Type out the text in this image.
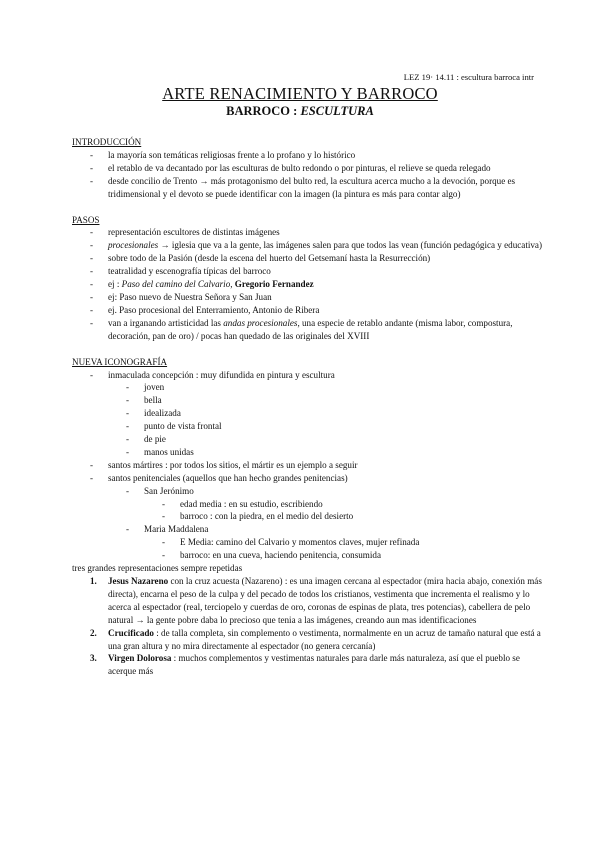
LEZ 19· 14.11 : escultura barroca intr
ARTE RENACIMIENTO Y BARROCO
BARROCO : ESCULTURA

INTRODUCCIÓN

- la mayoría son temáticas religiosas frente a lo profano y lo histórico
- el retablo de va decantado por las esculturas de bulto redondo o por pinturas, el relieve se queda relegado
- desde concilio de Trento → más protagonismo del bulto red, la escultura acerca mucho a la devoción, porque es tridimensional y el devoto se puede identificar con la imagen (la pintura es más para contar algo)

PASOS

- representación escultores de distintas imágenes
- procesionales → iglesia que va a la gente, las imágenes salen para que todos las vean (función pedagógica y educativa)
- sobre todo de la Pasión (desde la escena del huerto del Getsemaní hasta la Resurrección)
- teatralidad y escenografía típicas del barroco
- ej : Paso del camino del Calvario, Gregorio Fernandez
- ej: Paso nuevo de Nuestra Señora y San Juan
- ej. Paso procesional del Enterramiento, Antonio de Ribera
- van a irganando artisticidad las andas procesionales, una especie de retablo andante (misma labor, compostura, decoración, pan de oro) / pocas han quedado de las originales del XVIII

NUEVA ICONOGRAFÍA

- inmaculada concepción : muy difundida en pintura y escultura
- joven
- bella
- idealizada
- punto de vista frontal
- de pie
- manos unidas
- santos mártires : por todos los sitios, el mártir es un ejemplo a seguir
- santos penitenciales (aquellos que han hecho grandes penitencias)
- San Jerónimo
- edad media : en su estudio, escribiendo
- barroco : con la piedra, en el medio del desierto
- Maria Maddalena
- E Media: camino del Calvario y momentos claves, mujer refinada
- barroco: en una cueva, haciendo penitencia, consumida

tres grandes representaciones sempre repetidas

1. Jesus Nazareno con la cruz acuesta (Nazareno) : es una imagen cercana al espectador (mira hacia abajo, conexión más directa), encarna el peso de la culpa y del pecado de todos los cristianos, vestimenta que incrementa el realismo y lo acerca al espectador (real, terciopelo y cuerdas de oro, coronas de espinas de plata, tres potencias), cabellera de pelo natural → la gente pobre daba lo precioso que tenia a las imágenes, creando aun mas identificaciones
2. Crucificado : de talla completa, sin complemento o vestimenta, normalmente en un acruz de tamaño natural que está a una gran altura y no mira directamente al espectador (no genera cercanía)
3. Virgen Dolorosa : muchos complementos y vestimentas naturales para darle más naturaleza, así que el pueblo se acerque más
